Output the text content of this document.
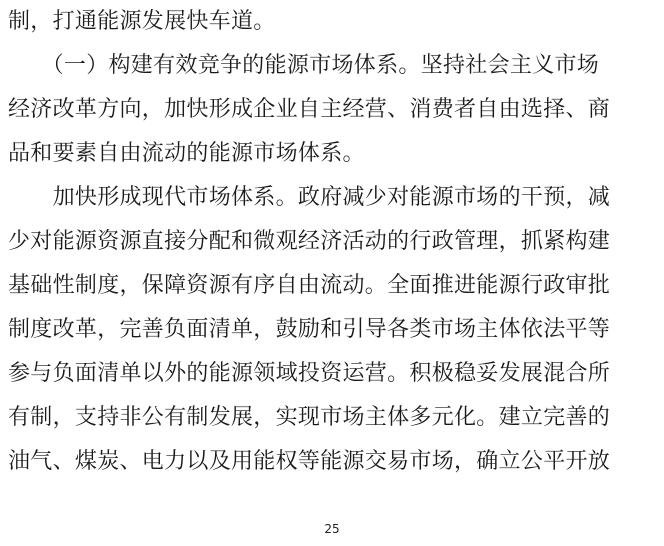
制，打通能源发展快车道。
　　（一）构建有效竞争的能源市场体系。坚持社会主义市场
经济改革方向，加快形成企业自主经营、消费者自由选择、商
品和要素自由流动的能源市场体系。
　　加快形成现代市场体系。政府减少对能源市场的干预，减
少对能源资源直接分配和微观经济活动的行政管理，抓紧构建
基础性制度，保障资源有序自由流动。全面推进能源行政审批
制度改革，完善负面清单，鼓励和引导各类市场主体依法平等
参与负面清单以外的能源领域投资运营。积极稳妥发展混合所
有制，支持非公有制发展，实现市场主体多元化。建立完善的
油气、煤炭、电力以及用能权等能源交易市场，确立公平开放
25
